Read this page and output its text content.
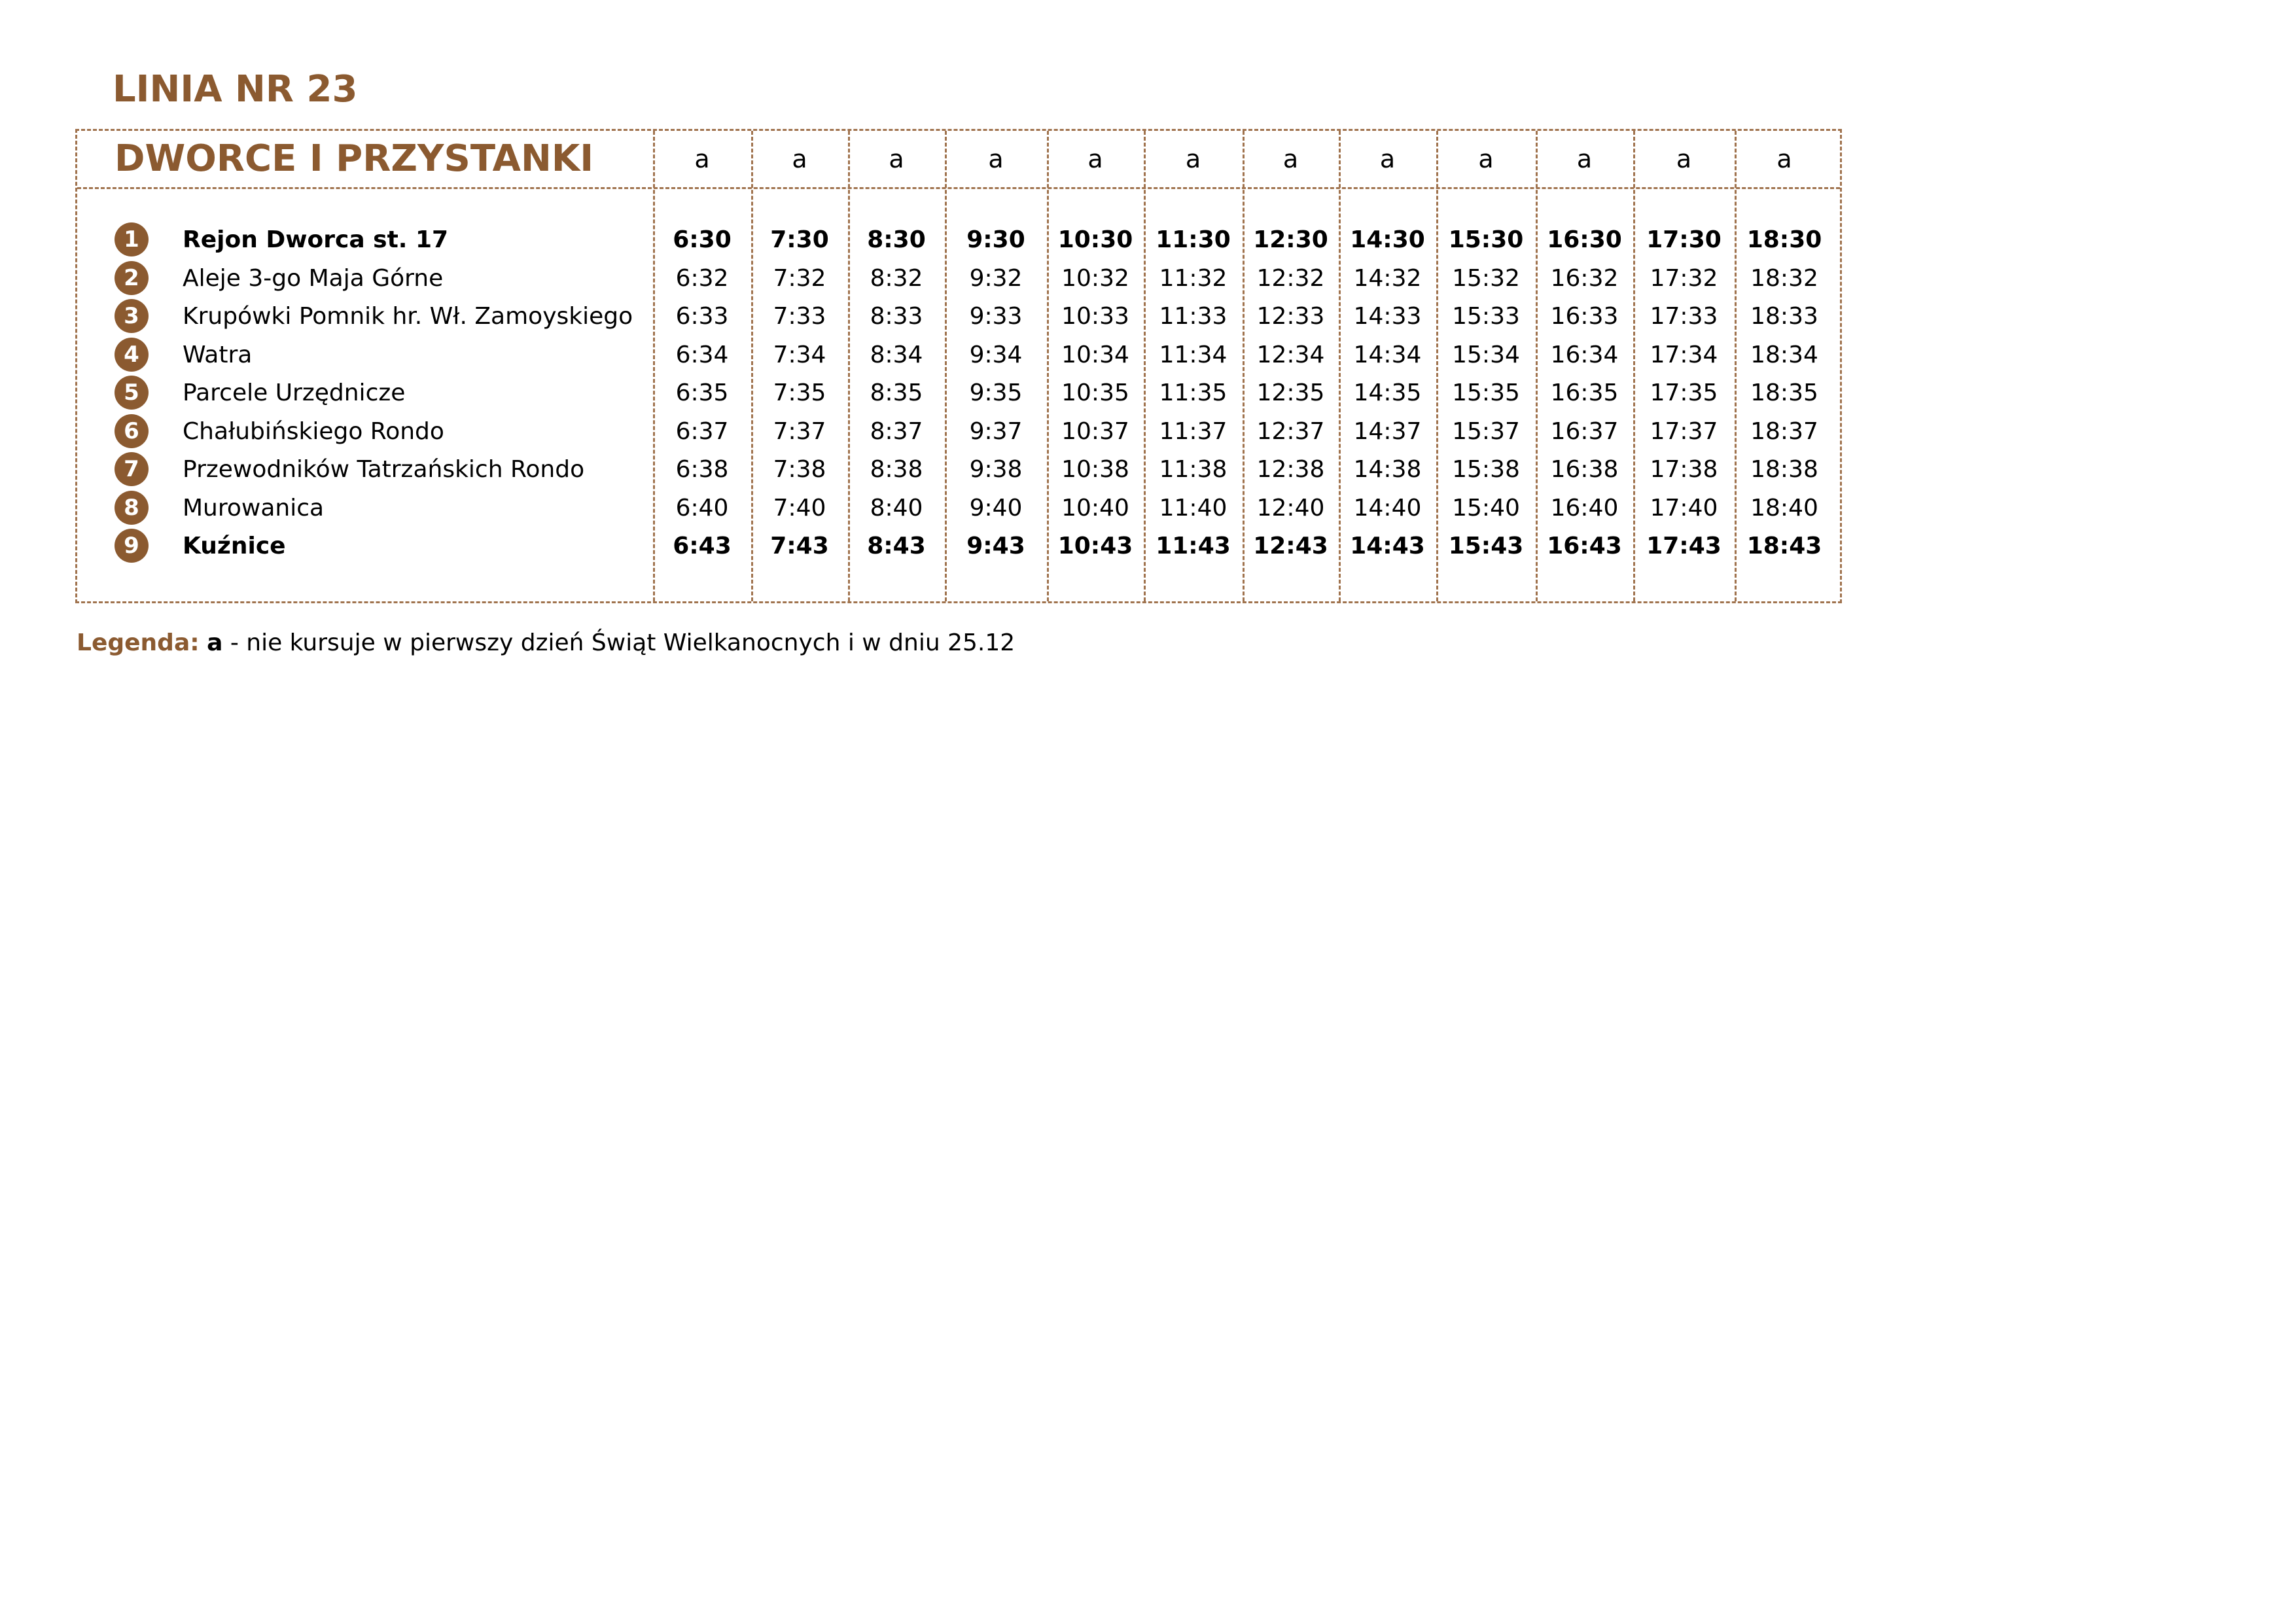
LINIA NR 23
DWORCE I PRZYSTANKI	a	a	a	a	a	a	a	a	a	a	a	a
1	Rejon Dworca st. 17	6:30	7:30	8:30	9:30	10:30 11:30 12:30 14:30 15:30 16:30	17:30	18:30
2	Aleje 3-go Maja Górne	6:32	7:32	8:32	9:32	10:32	11:32	12:32	14:32	15:32	16:32	17:32	18:32
3	Krupówki Pomnik hr. Wł. Zamoyskiego	6:33	7:33	8:33	9:33	10:33	11:33	12:33	14:33	15:33	16:33	17:33	18:33
4	Watra	6:34	7:34	8:34	9:34	10:34	11:34	12:34	14:34	15:34	16:34	17:34	18:34
5	Parcele Urzędnicze	6:35	7:35	8:35	9:35	10:35	11:35	12:35	14:35	15:35	16:35	17:35	18:35
6	Chałubińskiego Rondo	6:37	7:37	8:37	9:37	10:37	11:37	12:37	14:37	15:37	16:37	17:37	18:37
7	Przewodników Tatrzańskich Rondo	6:38	7:38	8:38	9:38	10:38	11:38	12:38	14:38	15:38	16:38	17:38	18:38
8	Murowanica	6:40	7:40	8:40	9:40	10:40	11:40	12:40	14:40	15:40	16:40	17:40	18:40
9	Kuźnice	6:43	7:43	8:43	9:43	10:43 11:43 12:43 14:43 15:43 16:43	17:43	18:43
Legenda: a - nie kursuje w pierwszy dzień Świąt Wielkanocnych i w dniu 25.12
